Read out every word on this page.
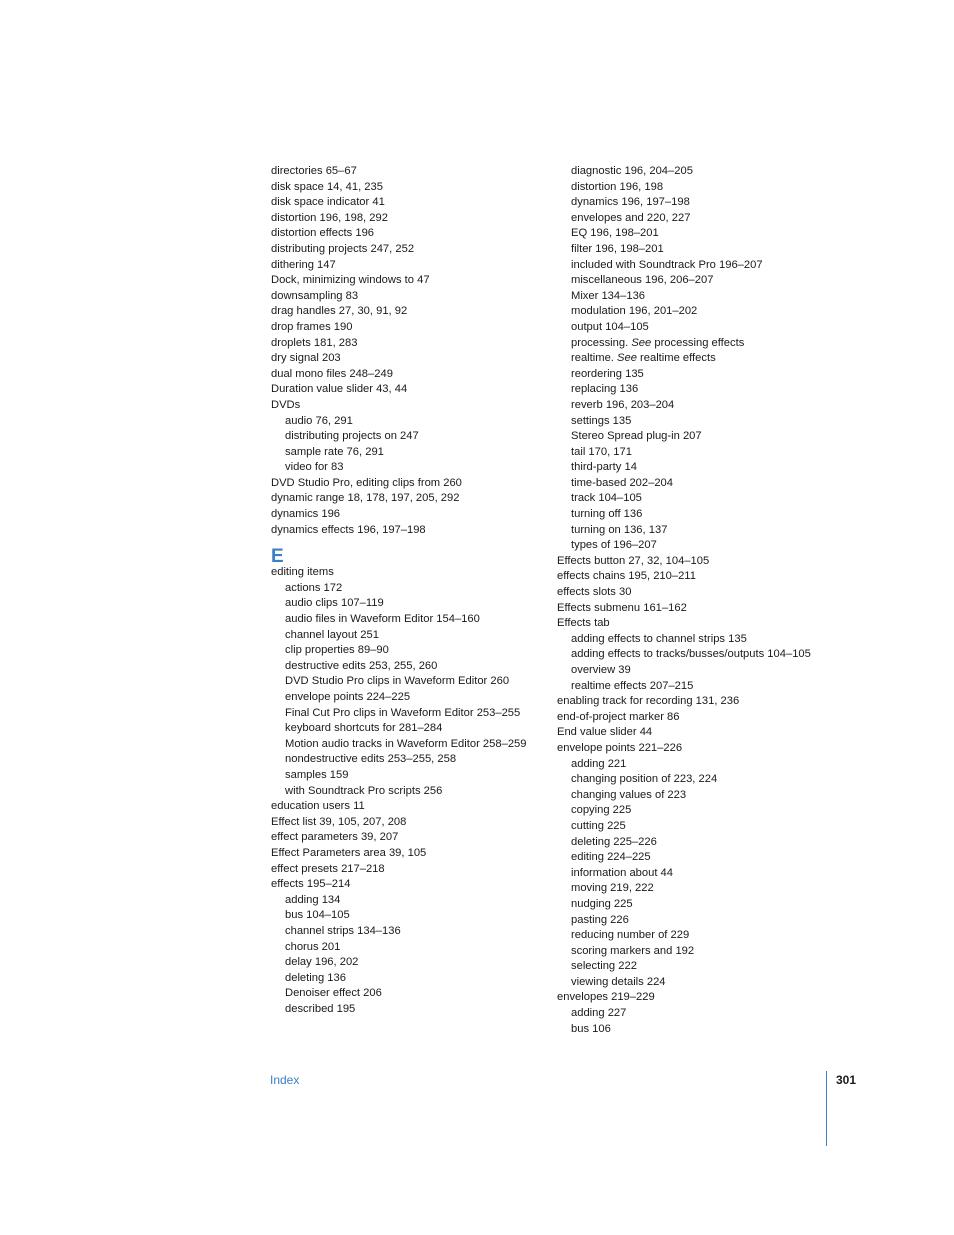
directories 65–67
disk space 14, 41, 235
disk space indicator 41
distortion 196, 198, 292
distortion effects 196
distributing projects 247, 252
dithering 147
Dock, minimizing windows to 47
downsampling 83
drag handles 27, 30, 91, 92
drop frames 190
droplets 181, 283
dry signal 203
dual mono files 248–249
Duration value slider 43, 44
DVDs
audio 76, 291
distributing projects on 247
sample rate 76, 291
video for 83
DVD Studio Pro, editing clips from 260
dynamic range 18, 178, 197, 205, 292
dynamics 196
dynamics effects 196, 197–198
E
editing items
actions 172
audio clips 107–119
audio files in Waveform Editor 154–160
channel layout 251
clip properties 89–90
destructive edits 253, 255, 260
DVD Studio Pro clips in Waveform Editor 260
envelope points 224–225
Final Cut Pro clips in Waveform Editor 253–255
keyboard shortcuts for 281–284
Motion audio tracks in Waveform Editor 258–259
nondestructive edits 253–255, 258
samples 159
with Soundtrack Pro scripts 256
education users 11
Effect list 39, 105, 207, 208
effect parameters 39, 207
Effect Parameters area 39, 105
effect presets 217–218
effects 195–214
adding 134
bus 104–105
channel strips 134–136
chorus 201
delay 196, 202
deleting 136
Denoiser effect 206
described 195
diagnostic 196, 204–205
distortion 196, 198
dynamics 196, 197–198
envelopes and 220, 227
EQ 196, 198–201
filter 196, 198–201
included with Soundtrack Pro 196–207
miscellaneous 196, 206–207
Mixer 134–136
modulation 196, 201–202
output 104–105
processing. See processing effects
realtime. See realtime effects
reordering 135
replacing 136
reverb 196, 203–204
settings 135
Stereo Spread plug-in 207
tail 170, 171
third-party 14
time-based 202–204
track 104–105
turning off 136
turning on 136, 137
types of 196–207
Effects button 27, 32, 104–105
effects chains 195, 210–211
effects slots 30
Effects submenu 161–162
Effects tab
adding effects to channel strips 135
adding effects to tracks/busses/outputs 104–105
overview 39
realtime effects 207–215
enabling track for recording 131, 236
end-of-project marker 86
End value slider 44
envelope points 221–226
adding 221
changing position of 223, 224
changing values of 223
copying 225
cutting 225
deleting 225–226
editing 224–225
information about 44
moving 219, 222
nudging 225
pasting 226
reducing number of 229
scoring markers and 192
selecting 222
viewing details 224
envelopes 219–229
adding 227
bus 106
Index	301
